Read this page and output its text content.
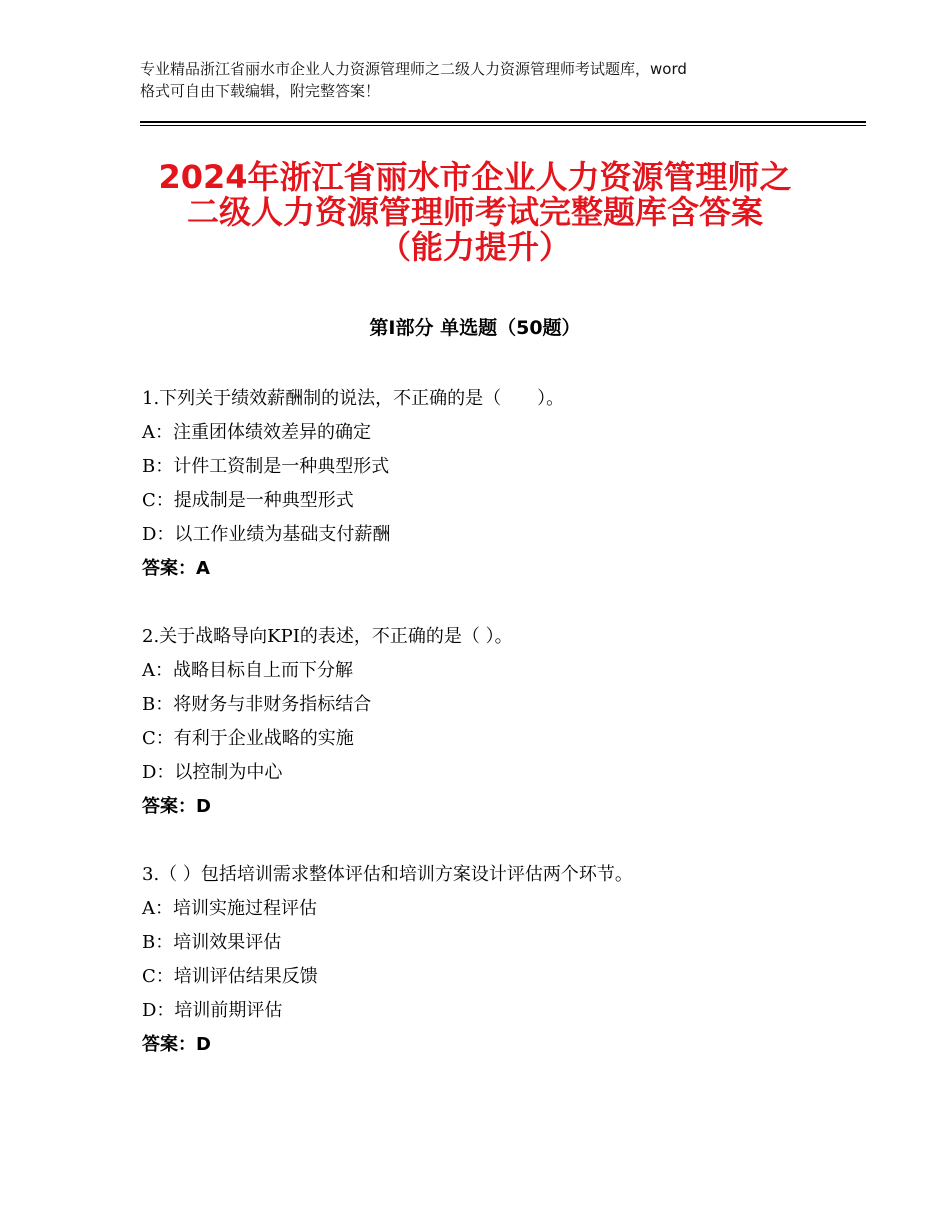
专业精品浙江省丽水市企业人力资源管理师之二级人力资源管理师考试题库，word
格式可自由下载编辑，附完整答案！
2024年浙江省丽水市企业人力资源管理师之
二级人力资源管理师考试完整题库含答案
（能力提升）
第Ⅰ部分 单选题（50题）
1.下列关于绩效薪酬制的说法，不正确的是（　　）。
A：注重团体绩效差异的确定
B：计件工资制是一种典型形式
C：提成制是一种典型形式
D：以工作业绩为基础支付薪酬
答案：A
2.关于战略导向KPI的表述，不正确的是（ ）。
A：战略目标自上而下分解
B：将财务与非财务指标结合
C：有利于企业战略的实施
D：以控制为中心
答案：D
3.（ ）包括培训需求整体评估和培训方案设计评估两个环节。
A：培训实施过程评估
B：培训效果评估
C：培训评估结果反馈
D：培训前期评估
答案：D
